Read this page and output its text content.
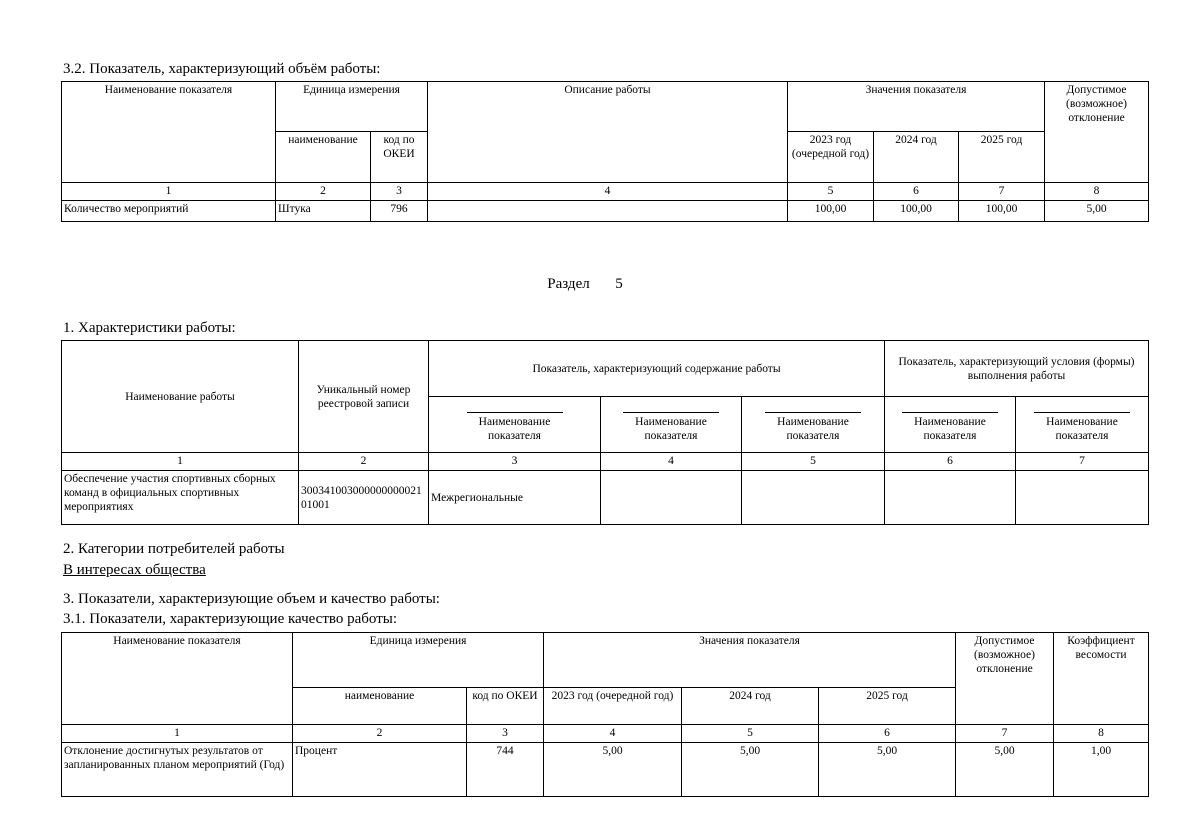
3.2. Показатель, характеризующий объём работы:
Наименование показателя	Единица измерения		Описание работы	Значения показателя			Допустимое (возможное) отклонение
	наименование	код по ОКЕИ		2023 год (очередной год)	2024 год	2025 год	
1	2	3	4	5	6	7	8
Количество мероприятий	Штука	796		100,00	100,00	100,00	5,00
Раздел 5
1. Характеристики работы:
Наименование работы	Уникальный номер реестровой записи	Показатель, характеризующий содержание работы			Показатель, характеризующий условия (формы) выполнения работы	
		Наименование показателя	Наименование показателя	Наименование показателя	Наименование показателя	Наименование показателя
1	2	3	4	5	6	7
Обеспечение участия спортивных сборных команд в официальных спортивных мероприятиях	30034100300000000002101001	Межрегиональные				
2. Категории потребителей работы
В интересах общества
3. Показатели, характеризующие объем и качество работы:
3.1. Показатели, характеризующие качество работы:
Наименование показателя	Единица измерения		Значения показателя			Допустимое (возможное) отклонение	Коэффициент весомости
	наименование	код по ОКЕИ	2023 год (очередной год)	2024 год	2025 год		
1	2	3	4	5	6	7	8
Отклонение достигнутых результатов от запланированных планом мероприятий (Год)	Процент	744	5,00	5,00	5,00	5,00	1,00
